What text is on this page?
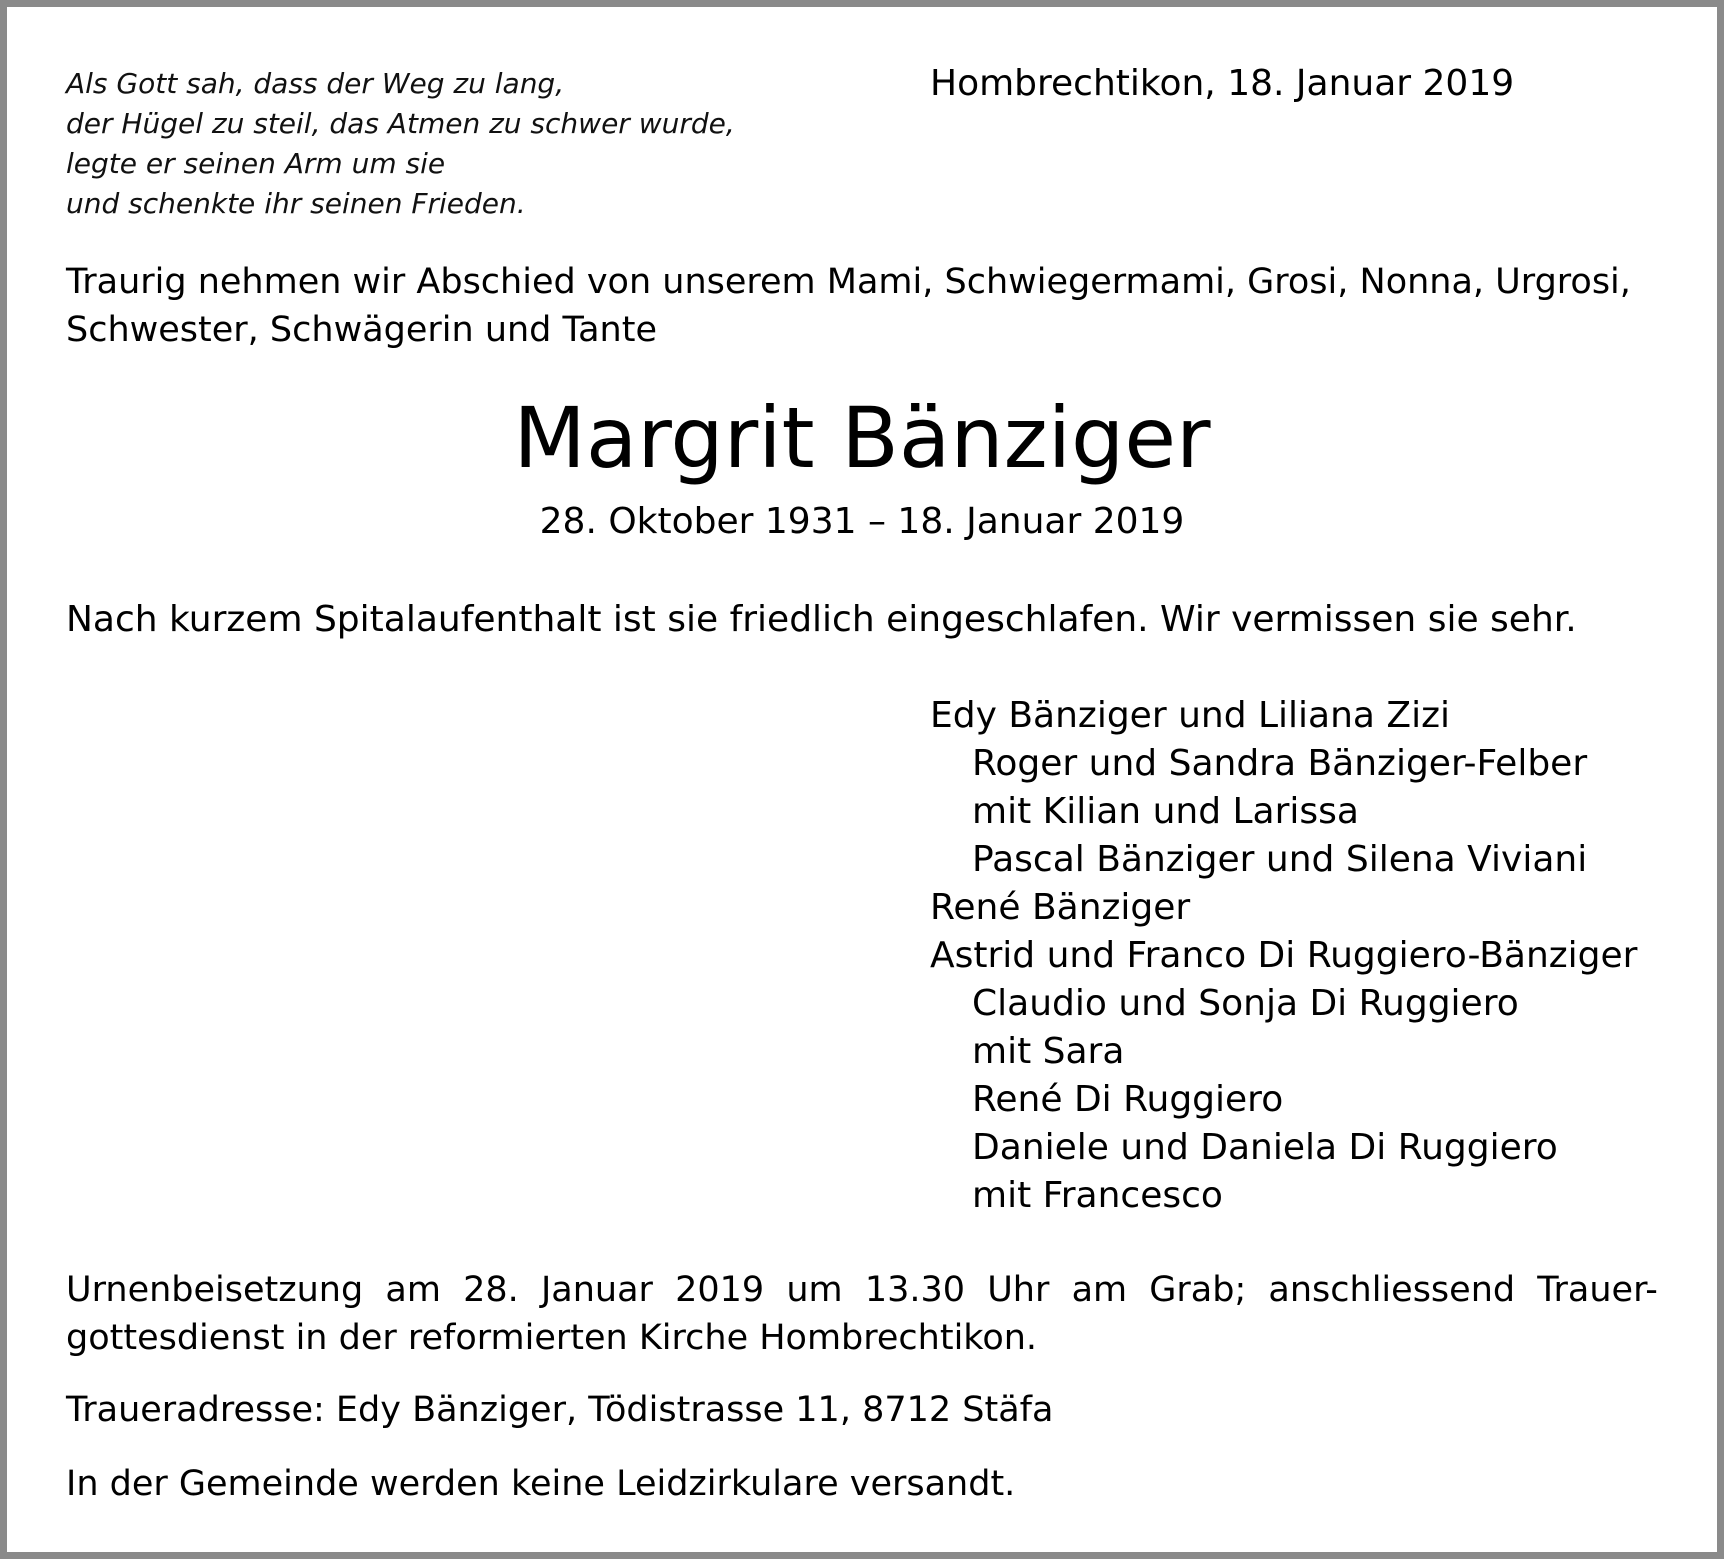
Als Gott sah, dass der Weg zu lang,
der Hügel zu steil, das Atmen zu schwer wurde,
legte er seinen Arm um sie
und schenkte ihr seinen Frieden.
Hombrechtikon, 18. Januar 2019
Traurig nehmen wir Abschied von unserem Mami, Schwiegermami, Grosi, Nonna, Urgrosi, Schwester, Schwägerin und Tante
Margrit Bänziger
28. Oktober 1931 – 18. Januar 2019
Nach kurzem Spitalaufenthalt ist sie friedlich eingeschlafen. Wir vermissen sie sehr.
Edy Bänziger und Liliana Zizi
Roger und Sandra Bänziger-Felber
mit Kilian und Larissa
Pascal Bänziger und Silena Viviani
René Bänziger
Astrid und Franco Di Ruggiero-Bänziger
Claudio und Sonja Di Ruggiero
mit Sara
René Di Ruggiero
Daniele und Daniela Di Ruggiero
mit Francesco
Urnenbeisetzung am 28. Januar 2019 um 13.30 Uhr am Grab; anschliessend Trauer-
gottesdienst in der reformierten Kirche Hombrechtikon.
Traueradresse: Edy Bänziger, Tödistrasse 11, 8712 Stäfa
In der Gemeinde werden keine Leidzirkulare versandt.
